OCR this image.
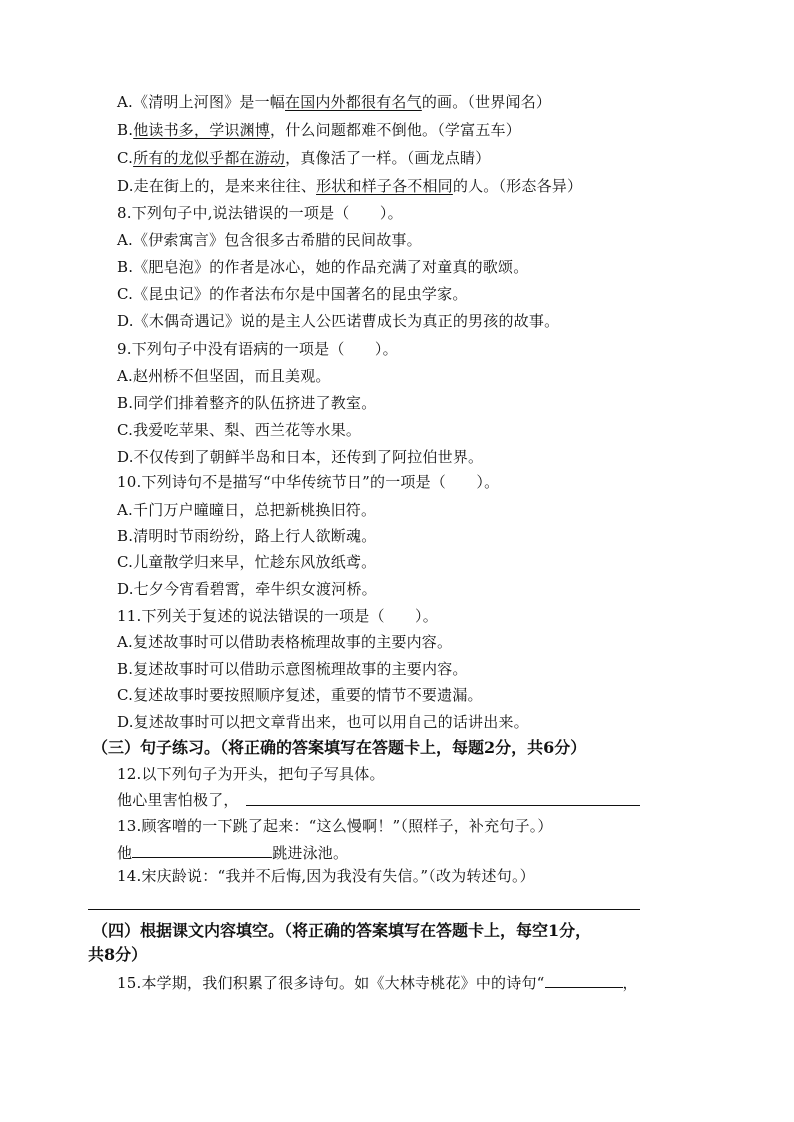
A.《清明上河图》是一幅在国内外都很有名气的画。（世界闻名）
B.他读书多，学识渊博，什么问题都难不倒他。（学富五车）
C.所有的龙似乎都在游动，真像活了一样。（画龙点睛）
D.走在街上的，是来来往往、形状和样子各不相同的人。（形态各异）
8.下列句子中,说法错误的一项是（　　）。
A.《伊索寓言》包含很多古希腊的民间故事。
B.《肥皂泡》的作者是冰心，她的作品充满了对童真的歌颂。
C.《昆虫记》的作者法布尔是中国著名的昆虫学家。
D.《木偶奇遇记》说的是主人公匹诺曹成长为真正的男孩的故事。
9.下列句子中没有语病的一项是（　　）。
A.赵州桥不但坚固，而且美观。
B.同学们排着整齐的队伍挤进了教室。
C.我爱吃苹果、梨、西兰花等水果。
D.不仅传到了朝鲜半岛和日本，还传到了阿拉伯世界。
10.下列诗句不是描写“中华传统节日”的一项是（　　）。
A.千门万户曈曈日，总把新桃换旧符。
B.清明时节雨纷纷，路上行人欲断魂。
C.儿童散学归来早，忙趁东风放纸鸢。
D.七夕今宵看碧霄，牵牛织女渡河桥。
11.下列关于复述的说法错误的一项是（　　）。
A.复述故事时可以借助表格梳理故事的主要内容。
B.复述故事时可以借助示意图梳理故事的主要内容。
C.复述故事时要按照顺序复述，重要的情节不要遗漏。
D.复述故事时可以把文章背出来，也可以用自己的话讲出来。
（三）句子练习。（将正确的答案填写在答题卡上，每题2分，共6分）
12.以下列句子为开头，把句子写具体。
他心里害怕极了，
13.顾客噌的一下跳了起来：“这么慢啊！”（照样子，补充句子。）
他	跳进泳池。
14.宋庆龄说：“我并不后悔,因为我没有失信。”（改为转述句。）
（四）根据课文内容填空。（将正确的答案填写在答题卡上，每空1分，
共8分）
15.本学期，我们积累了很多诗句。如《大林寺桃花》中的诗句“	，
